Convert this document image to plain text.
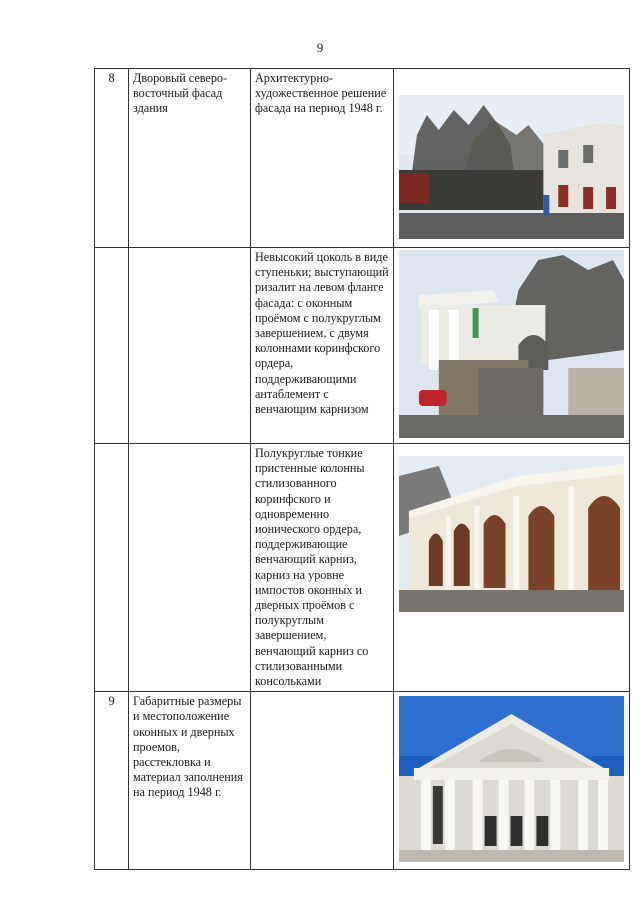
9
8	Дворовый северо-восточный фасад здания	Архитектурно-художественное решение фасада на период 1948 г.	

		Невысокий цоколь в виде ступеньки; выступающий ризалит на левом фланге фасада: с оконным проёмом с полукруглым завершением, с двумя колоннами коринфского ордера, поддерживающими антаблемент с венчающим карнизом	

		Полукруглые тонкие пристенные колонны стилизованного коринфского и одновременно ионического ордера, поддерживающие венчающий карниз, карниз на уровне импостов оконных и дверных проёмов с полукруглым завершением, венчающий карниз со стилизованными консольками	

9	Габаритные размеры и местоположение оконных и дверных проемов, расстекловка и материал заполнения на период 1948 г.		
